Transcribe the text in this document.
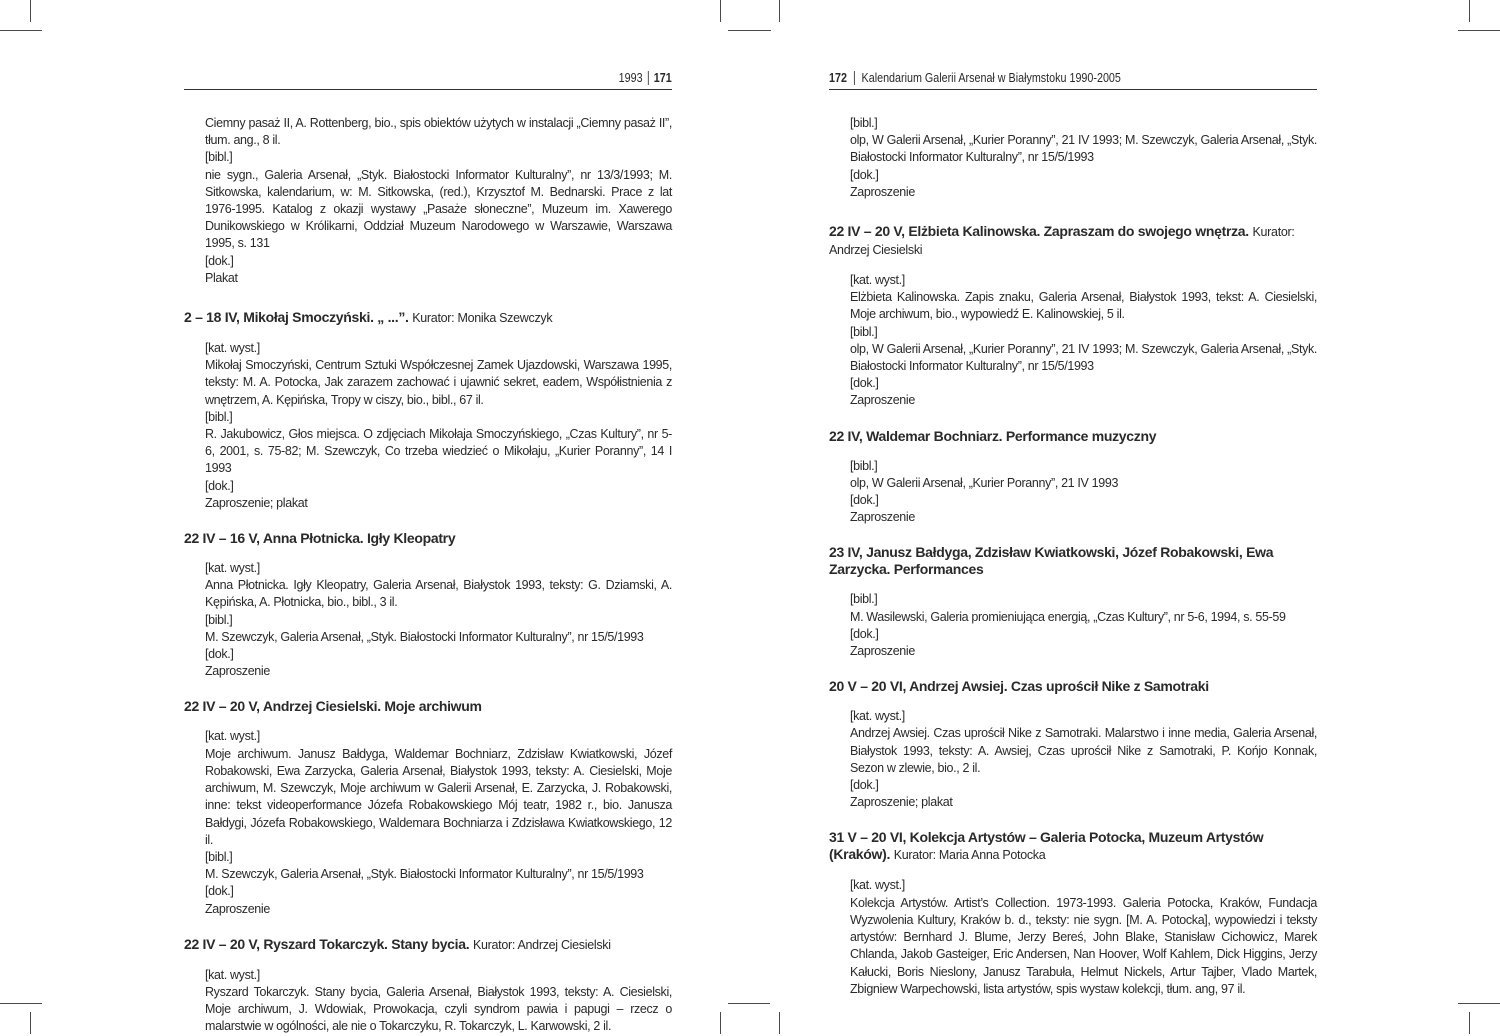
1993 171
Ciemny pasaż II, A. Rottenberg, bio., spis obiektów użytych w instalacji „Ciemny pasaż II”, tłum. ang., 8 il.
[bibl.]
nie sygn., Galeria Arsenał, „Styk. Białostocki Informator Kulturalny”, nr 13/3/1993; M. Sitkowska, kalendarium, w: M. Sitkowska, (red.), Krzysztof M. Bednarski. Prace z lat 1976-1995. Katalog z okazji wystawy „Pasaże słoneczne”, Muzeum im. Xawerego Dunikowskiego w Królikarni, Oddział Muzeum Narodowego w Warszawie, Warszawa 1995, s. 131
[dok.]
Plakat
2 – 18 IV, Mikołaj Smoczyński. „ ...”. Kurator: Monika Szewczyk
[kat. wyst.]
Mikołaj Smoczyński, Centrum Sztuki Współczesnej Zamek Ujazdowski, Warszawa 1995, teksty: M. A. Potocka, Jak zarazem zachować i ujawnić sekret, eadem, Współistnienia z wnętrzem, A. Kępińska, Tropy w ciszy, bio., bibl., 67 il.
[bibl.]
R. Jakubowicz, Głos miejsca. O zdjęciach Mikołaja Smoczyńskiego, „Czas Kultury”, nr 5-6, 2001, s. 75-82; M. Szewczyk, Co trzeba wiedzieć o Mikołaju, „Kurier Poranny”, 14 I 1993
[dok.]
Zaproszenie; plakat
22 IV – 16 V, Anna Płotnicka. Igły Kleopatry
[kat. wyst.]
Anna Płotnicka. Igły Kleopatry, Galeria Arsenał, Białystok 1993, teksty: G. Dziamski, A. Kępińska, A. Płotnicka, bio., bibl., 3 il.
[bibl.]
M. Szewczyk, Galeria Arsenał, „Styk. Białostocki Informator Kulturalny”, nr 15/5/1993
[dok.]
Zaproszenie
22 IV – 20 V, Andrzej Ciesielski. Moje archiwum
[kat. wyst.]
Moje archiwum. Janusz Bałdyga, Waldemar Bochniarz, Zdzisław Kwiatkowski, Józef Robakowski, Ewa Zarzycka, Galeria Arsenał, Białystok 1993, teksty: A. Ciesielski, Moje archiwum, M. Szewczyk, Moje archiwum w Galerii Arsenał, E. Zarzycka, J. Robakowski, inne: tekst videoperformance Józefa Robakowskiego Mój teatr, 1982 r., bio. Janusza Bałdygi, Józefa Robakowskiego, Waldemara Bochniarza i Zdzisława Kwiatkowskiego, 12 il.
[bibl.]
M. Szewczyk, Galeria Arsenał, „Styk. Białostocki Informator Kulturalny”, nr 15/5/1993
[dok.]
Zaproszenie
22 IV – 20 V, Ryszard Tokarczyk. Stany bycia. Kurator: Andrzej Ciesielski
[kat. wyst.]
Ryszard Tokarczyk. Stany bycia, Galeria Arsenał, Białystok 1993, teksty: A. Ciesielski, Moje archiwum, J. Wdowiak, Prowokacja, czyli syndrom pawia i papugi – rzecz o malarstwie w ogólności, ale nie o Tokarczyku, R. Tokarczyk, L. Karwowski, 2 il.
172 Kalendarium Galerii Arsenał w Białymstoku 1990-2005
[bibl.]
olp, W Galerii Arsenał, „Kurier Poranny”, 21 IV 1993; M. Szewczyk, Galeria Arsenał, „Styk. Białostocki Informator Kulturalny”, nr 15/5/1993
[dok.]
Zaproszenie
22 IV – 20 V, Elżbieta Kalinowska. Zapraszam do swojego wnętrza. Kurator: Andrzej Ciesielski
[kat. wyst.]
Elżbieta Kalinowska. Zapis znaku, Galeria Arsenał, Białystok 1993, tekst: A. Ciesielski, Moje archiwum, bio., wypowiedź E. Kalinowskiej, 5 il.
[bibl.]
olp, W Galerii Arsenał, „Kurier Poranny”, 21 IV 1993; M. Szewczyk, Galeria Arsenał, „Styk. Białostocki Informator Kulturalny”, nr 15/5/1993
[dok.]
Zaproszenie
22 IV, Waldemar Bochniarz. Performance muzyczny
[bibl.]
olp, W Galerii Arsenał, „Kurier Poranny”, 21 IV 1993
[dok.]
Zaproszenie
23 IV, Janusz Bałdyga, Zdzisław Kwiatkowski, Józef Robakowski, Ewa Zarzycka. Performances
[bibl.]
M. Wasilewski, Galeria promieniująca energią, „Czas Kultury”, nr 5-6, 1994, s. 55-59
[dok.]
Zaproszenie
20 V – 20 VI, Andrzej Awsiej. Czas uprościł Nike z Samotraki
[kat. wyst.]
Andrzej Awsiej. Czas uprościł Nike z Samotraki. Malarstwo i inne media, Galeria Arsenał, Białystok 1993, teksty: A. Awsiej, Czas uprościł Nike z Samotraki, P. Końjo Konnak, Sezon w zlewie, bio., 2 il.
[dok.]
Zaproszenie; plakat
31 V – 20 VI, Kolekcja Artystów – Galeria Potocka, Muzeum Artystów (Kraków). Kurator: Maria Anna Potocka
[kat. wyst.]
Kolekcja Artystów. Artist’s Collection. 1973-1993. Galeria Potocka, Kraków, Fundacja Wyzwolenia Kultury, Kraków b. d., teksty: nie sygn. [M. A. Potocka], wypowiedzi i teksty artystów: Bernhard J. Blume, Jerzy Bereś, John Blake, Stanisław Cichowicz, Marek Chlanda, Jakob Gasteiger, Eric Andersen, Nan Hoover, Wolf Kahlem, Dick Higgins, Jerzy Kałucki, Boris Nieslony, Janusz Tarabuła, Helmut Nickels, Artur Tajber, Vlado Martek, Zbigniew Warpechowski, lista artystów, spis wystaw kolekcji, tłum. ang, 97 il.
